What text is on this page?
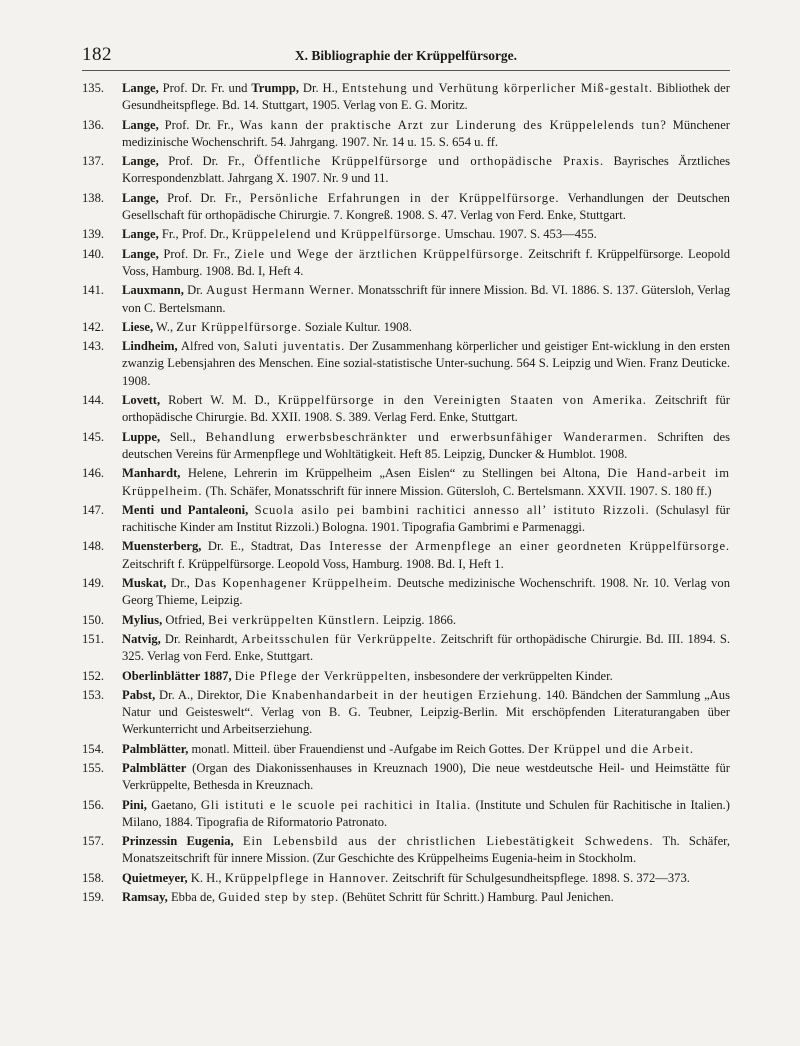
182	X. Bibliographie der Krüppelfürsorge.
135.	Lange, Prof. Dr. Fr. und Trumpp, Dr. H., Entstehung und Verhütung körperlicher Miß-gestalt. Bibliothek der Gesundheitspflege. Bd. 14. Stuttgart, 1905. Verlag von E. G. Moritz.
136.	Lange, Prof. Dr. Fr., Was kann der praktische Arzt zur Linderung des Krüppelelends tun? Münchener medizinische Wochenschrift. 54. Jahrgang. 1907. Nr. 14 u. 15. S. 654 u. ff.
137.	Lange, Prof. Dr. Fr., Öffentliche Krüppelfürsorge und orthopädische Praxis. Bayrisches Ärztliches Korrespondenzblatt. Jahrgang X. 1907. Nr. 9 und 11.
138.	Lange, Prof. Dr. Fr., Persönliche Erfahrungen in der Krüppelfürsorge. Verhandlungen der Deutschen Gesellschaft für orthopädische Chirurgie. 7. Kongreß. 1908. S. 47. Verlag von Ferd. Enke, Stuttgart.
139.	Lange, Fr., Prof. Dr., Krüppelelend und Krüppelfürsorge. Umschau. 1907. S. 453—455.
140.	Lange, Prof. Dr. Fr., Ziele und Wege der ärztlichen Krüppelfürsorge. Zeitschrift f. Krüppelfürsorge. Leopold Voss, Hamburg. 1908. Bd. I, Heft 4.
141.	Lauxmann, Dr. August Hermann Werner. Monatsschrift für innere Mission. Bd. VI. 1886. S. 137. Gütersloh, Verlag von C. Bertelsmann.
142.	Liese, W., Zur Krüppelfürsorge. Soziale Kultur. 1908.
143.	Lindheim, Alfred von, Saluti juventatis. Der Zusammenhang körperlicher und geistiger Ent-wicklung in den ersten zwanzig Lebensjahren des Menschen. Eine sozial-statistische Unter-suchung. 564 S. Leipzig und Wien. Franz Deuticke. 1908.
144.	Lovett, Robert W. M. D., Krüppelfürsorge in den Vereinigten Staaten von Amerika. Zeitschrift für orthopädische Chirurgie. Bd. XXII. 1908. S. 389. Verlag Ferd. Enke, Stuttgart.
145.	Luppe, Sell., Behandlung erwerbsbeschränkter und erwerbsunfähiger Wanderarmen. Schriften des deutschen Vereins für Armenpflege und Wohltätigkeit. Heft 85. Leipzig, Duncker & Humblot. 1908.
146.	Manhardt, Helene, Lehrerin im Krüppelheim „Asen Eislen“ zu Stellingen bei Altona, Die Hand-arbeit im Krüppelheim. (Th. Schäfer, Monatsschrift für innere Mission. Gütersloh, C. Bertelsmann. XXVII. 1907. S. 180 ff.)
147.	Menti und Pantaleoni, Scuola asilo pei bambini rachitici annesso all’ istituto Rizzoli. (Schulasyl für rachitische Kinder am Institut Rizzoli.) Bologna. 1901. Tipografia Gambrimi e Parmenaggi.
148.	Muensterberg, Dr. E., Stadtrat, Das Interesse der Armenpflege an einer geordneten Krüppelfürsorge. Zeitschrift f. Krüppelfürsorge. Leopold Voss, Hamburg. 1908. Bd. I, Heft 1.
149.	Muskat, Dr., Das Kopenhagener Krüppelheim. Deutsche medizinische Wochenschrift. 1908. Nr. 10. Verlag von Georg Thieme, Leipzig.
150.	Mylius, Otfried, Bei verkrüppelten Künstlern. Leipzig. 1866.
151.	Natvig, Dr. Reinhardt, Arbeitsschulen für Verkrüppelte. Zeitschrift für orthopädische Chirurgie. Bd. III. 1894. S. 325. Verlag von Ferd. Enke, Stuttgart.
152.	Oberlinblätter 1887, Die Pflege der Verkrüppelten, insbesondere der verkrüppelten Kinder.
153.	Pabst, Dr. A., Direktor, Die Knabenhandarbeit in der heutigen Erziehung. 140. Bändchen der Sammlung „Aus Natur und Geisteswelt“. Verlag von B. G. Teubner, Leipzig-Berlin. Mit erschöpfenden Literaturangaben über Werkunterricht und Arbeitserziehung.
154.	Palmblätter, monatl. Mitteil. über Frauendienst und -Aufgabe im Reich Gottes. Der Krüppel und die Arbeit.
155.	Palmblätter (Organ des Diakonissenhauses in Kreuznach 1900), Die neue westdeutsche Heil- und Heimstätte für Verkrüppelte, Bethesda in Kreuznach.
156.	Pini, Gaetano, Gli istituti e le scuole pei rachitici in Italia. (Institute und Schulen für Rachitische in Italien.) Milano, 1884. Tipografia de Riformatorio Patronato.
157.	Prinzessin Eugenia, Ein Lebensbild aus der christlichen Liebestätigkeit Schwedens. Th. Schäfer, Monatszeitschrift für innere Mission. (Zur Geschichte des Krüppelheims Eugenia-heim in Stockholm.
158.	Quietmeyer, K. H., Krüppelpflege in Hannover. Zeitschrift für Schulgesundheitspflege. 1898. S. 372—373.
159.	Ramsay, Ebba de, Guided step by step. (Behütet Schritt für Schritt.) Hamburg. Paul Jenichen.
